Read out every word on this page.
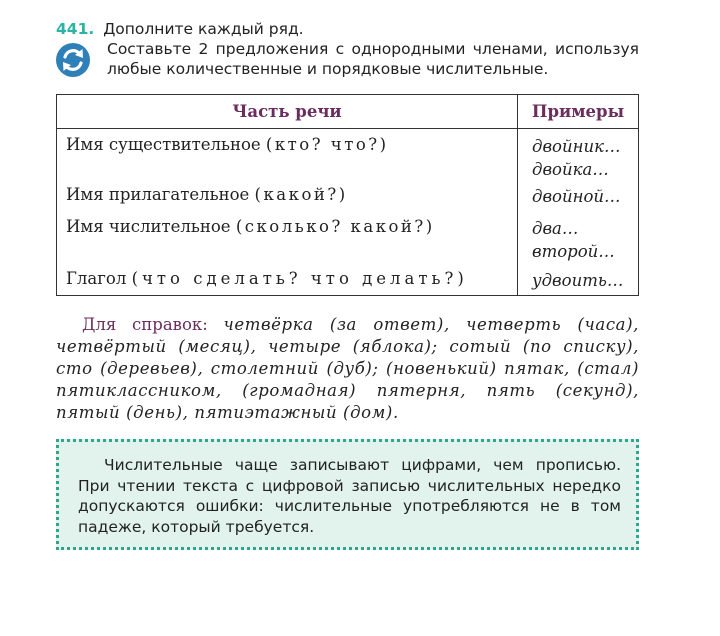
441. Дополните каждый ряд.
Составьте 2 предложения с однородными членами, используя любые количественные и порядковые числительные.
Часть речи	Примеры
Имя существительное (кто? что?)	двойник…
двойка…

Имя прилагательное (какой?)	двойной…

Имя числительное (сколько? какой?)	два…
второй…

Глагол (что сделать? что делать?)	удвоить…

Для справок: четвёрка (за ответ), четверть (часа), четвёртый (месяц), четыре (яблока); сотый (по списку), сто (деревьев), столетний (дуб); (новенький) пятак, (стал) пятиклассником, (громадная) пятерня, пять (секунд), пятый (день), пятиэтажный (дом).

Числительные чаще записывают цифрами, чем прописью. При чтении текста с цифровой записью числительных нередко допускаются ошибки: числительные употребляются не в том падеже, который требуется.
